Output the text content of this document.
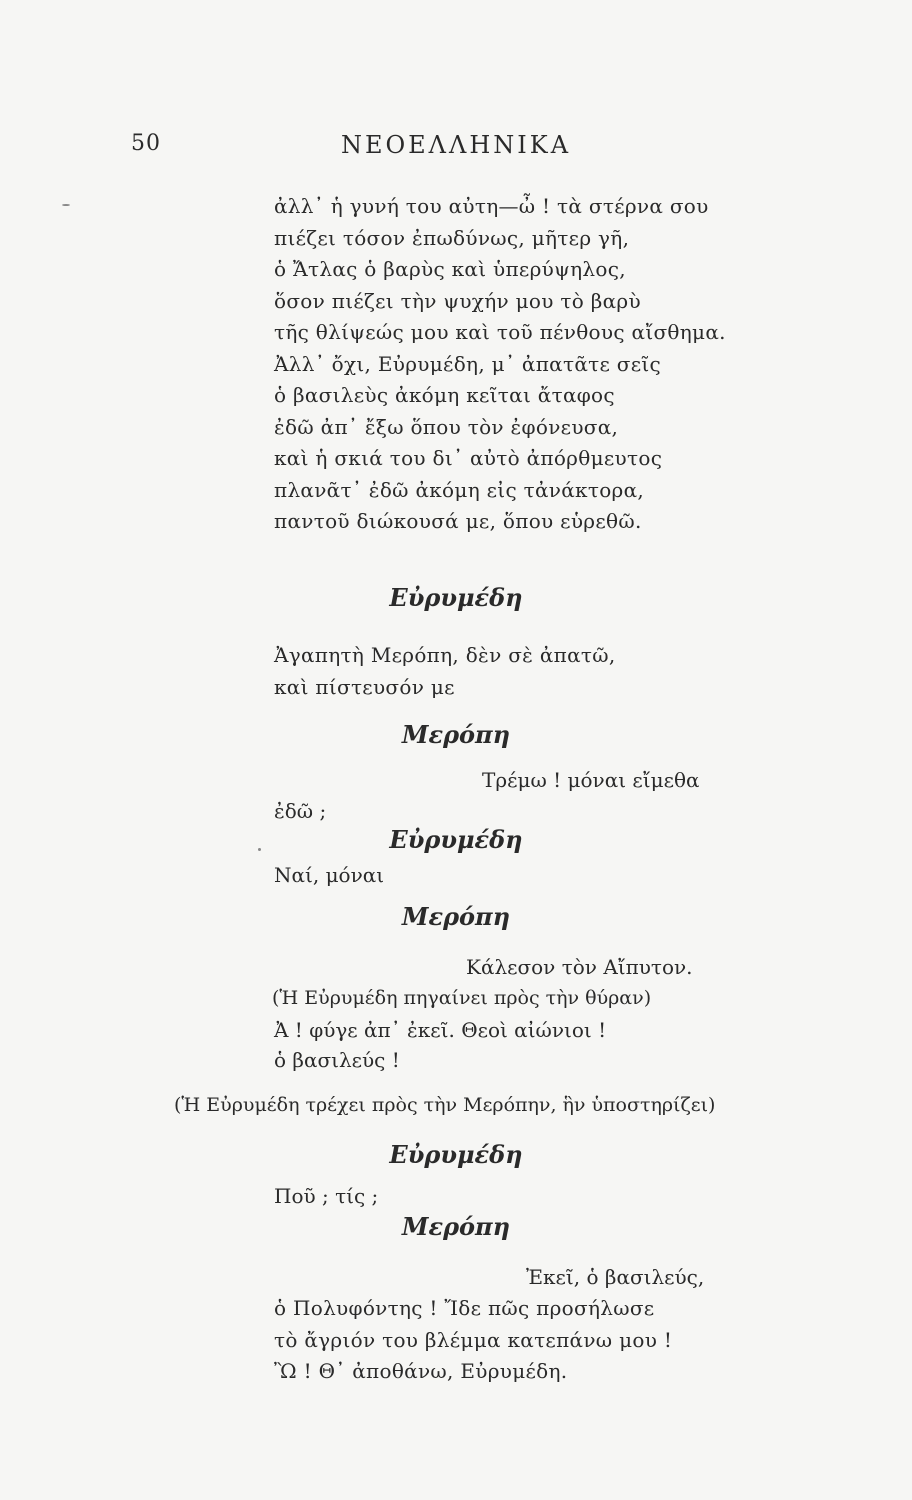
50	ΝΕΟΕΛΛΗΝΙΚΑ
ἀλλ᾽ ἡ γυνή του αὐτη—ὦ ! τὰ στέρνα σου
πιέζει τόσον ἐπωδύνως, μῆτερ γῆ,
ὁ Ἄτλας ὁ βαρὺς καὶ ὑπερύψηλος,
ὅσον πιέζει τὴν ψυχήν μου τὸ βαρὺ
τῆς θλίψεώς μου καὶ τοῦ πένθους αἴσθημα.
Ἀλλ᾽ ὄχι, Εὐρυμέδη, μ᾽ ἀπατᾶτε σεῖς
ὁ βασιλεὺς ἀκόμη κεῖται ἄταφος
ἐδῶ ἀπ᾽ ἔξω ὅπου τὸν ἐφόνευσα,
καὶ ἡ σκιά του δι᾽ αὐτὸ ἀπόρθμευτος
πλανᾶτ᾽ ἐδῶ ἀκόμη εἰς τἀνάκτορα,
παντοῦ διώκουσά με, ὅπου εὑρεθῶ.
Εὐρυμέδη
Ἀγαπητὴ Μερόπη, δὲν σὲ ἀπατῶ,
καὶ πίστευσόν με
Μερόπη
Τρέμω ! μόναι εἴμεθα
ἐδῶ ;
Εὐρυμέδη
Ναί, μόναι
Μερόπη
Κάλεσον τὸν Αἴπυτον.
(Ἡ Εὐρυμέδη πηγαίνει πρὸς τὴν θύραν)
Ἀ ! φύγε ἀπ᾽ ἐκεῖ. Θεοὶ αἰώνιοι !
ὁ βασιλεύς !
(Ἡ Εὐρυμέδη τρέχει πρὸς τὴν Μερόπην, ἣν ὑποστηρίζει)
Εὐρυμέδη
Ποῦ ; τίς ;
Μερόπη
Ἐκεῖ, ὁ βασιλεύς,
ὁ Πολυφόντης ! Ἴδε πῶς προσήλωσε
τὸ ἄγριόν του βλέμμα κατεπάνω μου !
Ὢ ! Θ᾽ ἀποθάνω, Εὐρυμέδη.
